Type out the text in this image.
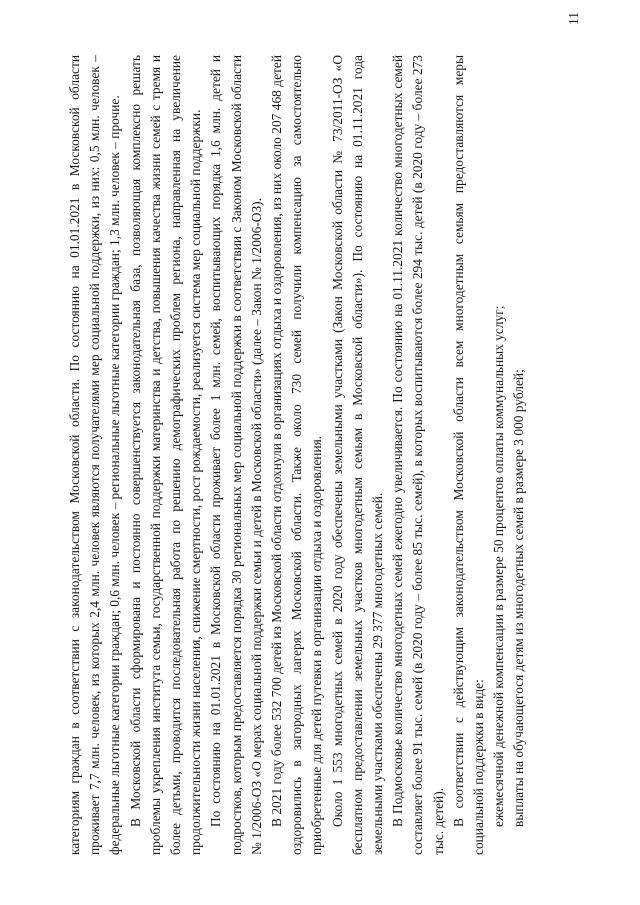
11

категориям граждан в соответствии с законодательством Московской области. По состоянию на 01.01.2021 в Московской области проживает 7,7 млн. человек, из которых 2,4 млн. человек являются получателями мер социальной поддержки, из них: 0,5 млн. человек – федеральные льготные категории граждан; 0,6 млн. человек – региональные льготные категории граждан; 1,3 млн. человек – прочие. В Московской области сформирована и постоянно совершенствуется законодательная база, позволяющая комплексно решать проблемы укрепления института семьи, государственной поддержки материнства и детства, повышения качества жизни семей с тремя и более детьми, проводится последовательная работа по решению демографических проблем региона, направленная на увеличение продолжительности жизни населения, снижение смертности, рост рождаемости, реализуется система мер социальной поддержки. По состоянию на 01.01.2021 в Московской области проживает более 1 млн. семей, воспитывающих порядка 1,6 млн. детей и подростков, которым предоставляется порядка 30 региональных мер социальной поддержки в соответствии с Законом Московской области № 1/2006-ОЗ «О мерах социальной поддержки семьи и детей в Московской области» (далее – Закон № 1/2006-ОЗ). В 2021 году более 532 700 детей из Московской области отдохнули в организациях отдыха и оздоровления, из них около 207 468 детей оздоровились в загородных лагерях Московской области. Также около 730 семей получили компенсацию за самостоятельно приобретенные для детей путевки в организации отдыха и оздоровления. Около 1 553 многодетных семей в 2020 году обеспечены земельными участками (Закон Московской области № 73/2011-ОЗ «О бесплатном предоставлении земельных участков многодетным семьям в Московской области»). По состоянию на 01.11.2021 года земельными участками обеспечены 29 377 многодетных семей. В Подмосковье количество многодетных семей ежегодно увеличивается. По состоянию на 01.11.2021 количество многодетных семей составляет более 91 тыс. семей (в 2020 году – более 85 тыс. семей), в которых воспитываются более 294 тыс. детей (в 2020 году – более 273 тыс. детей). В соответствии с действующим законодательством Московской области всем многодетным семьям предоставляются меры социальной поддержки в виде: ежемесячной денежной компенсации в размере 50 процентов оплаты коммунальных услуг; выплаты на обучающегося детям из многодетных семей в размере 3 000 рублей;
